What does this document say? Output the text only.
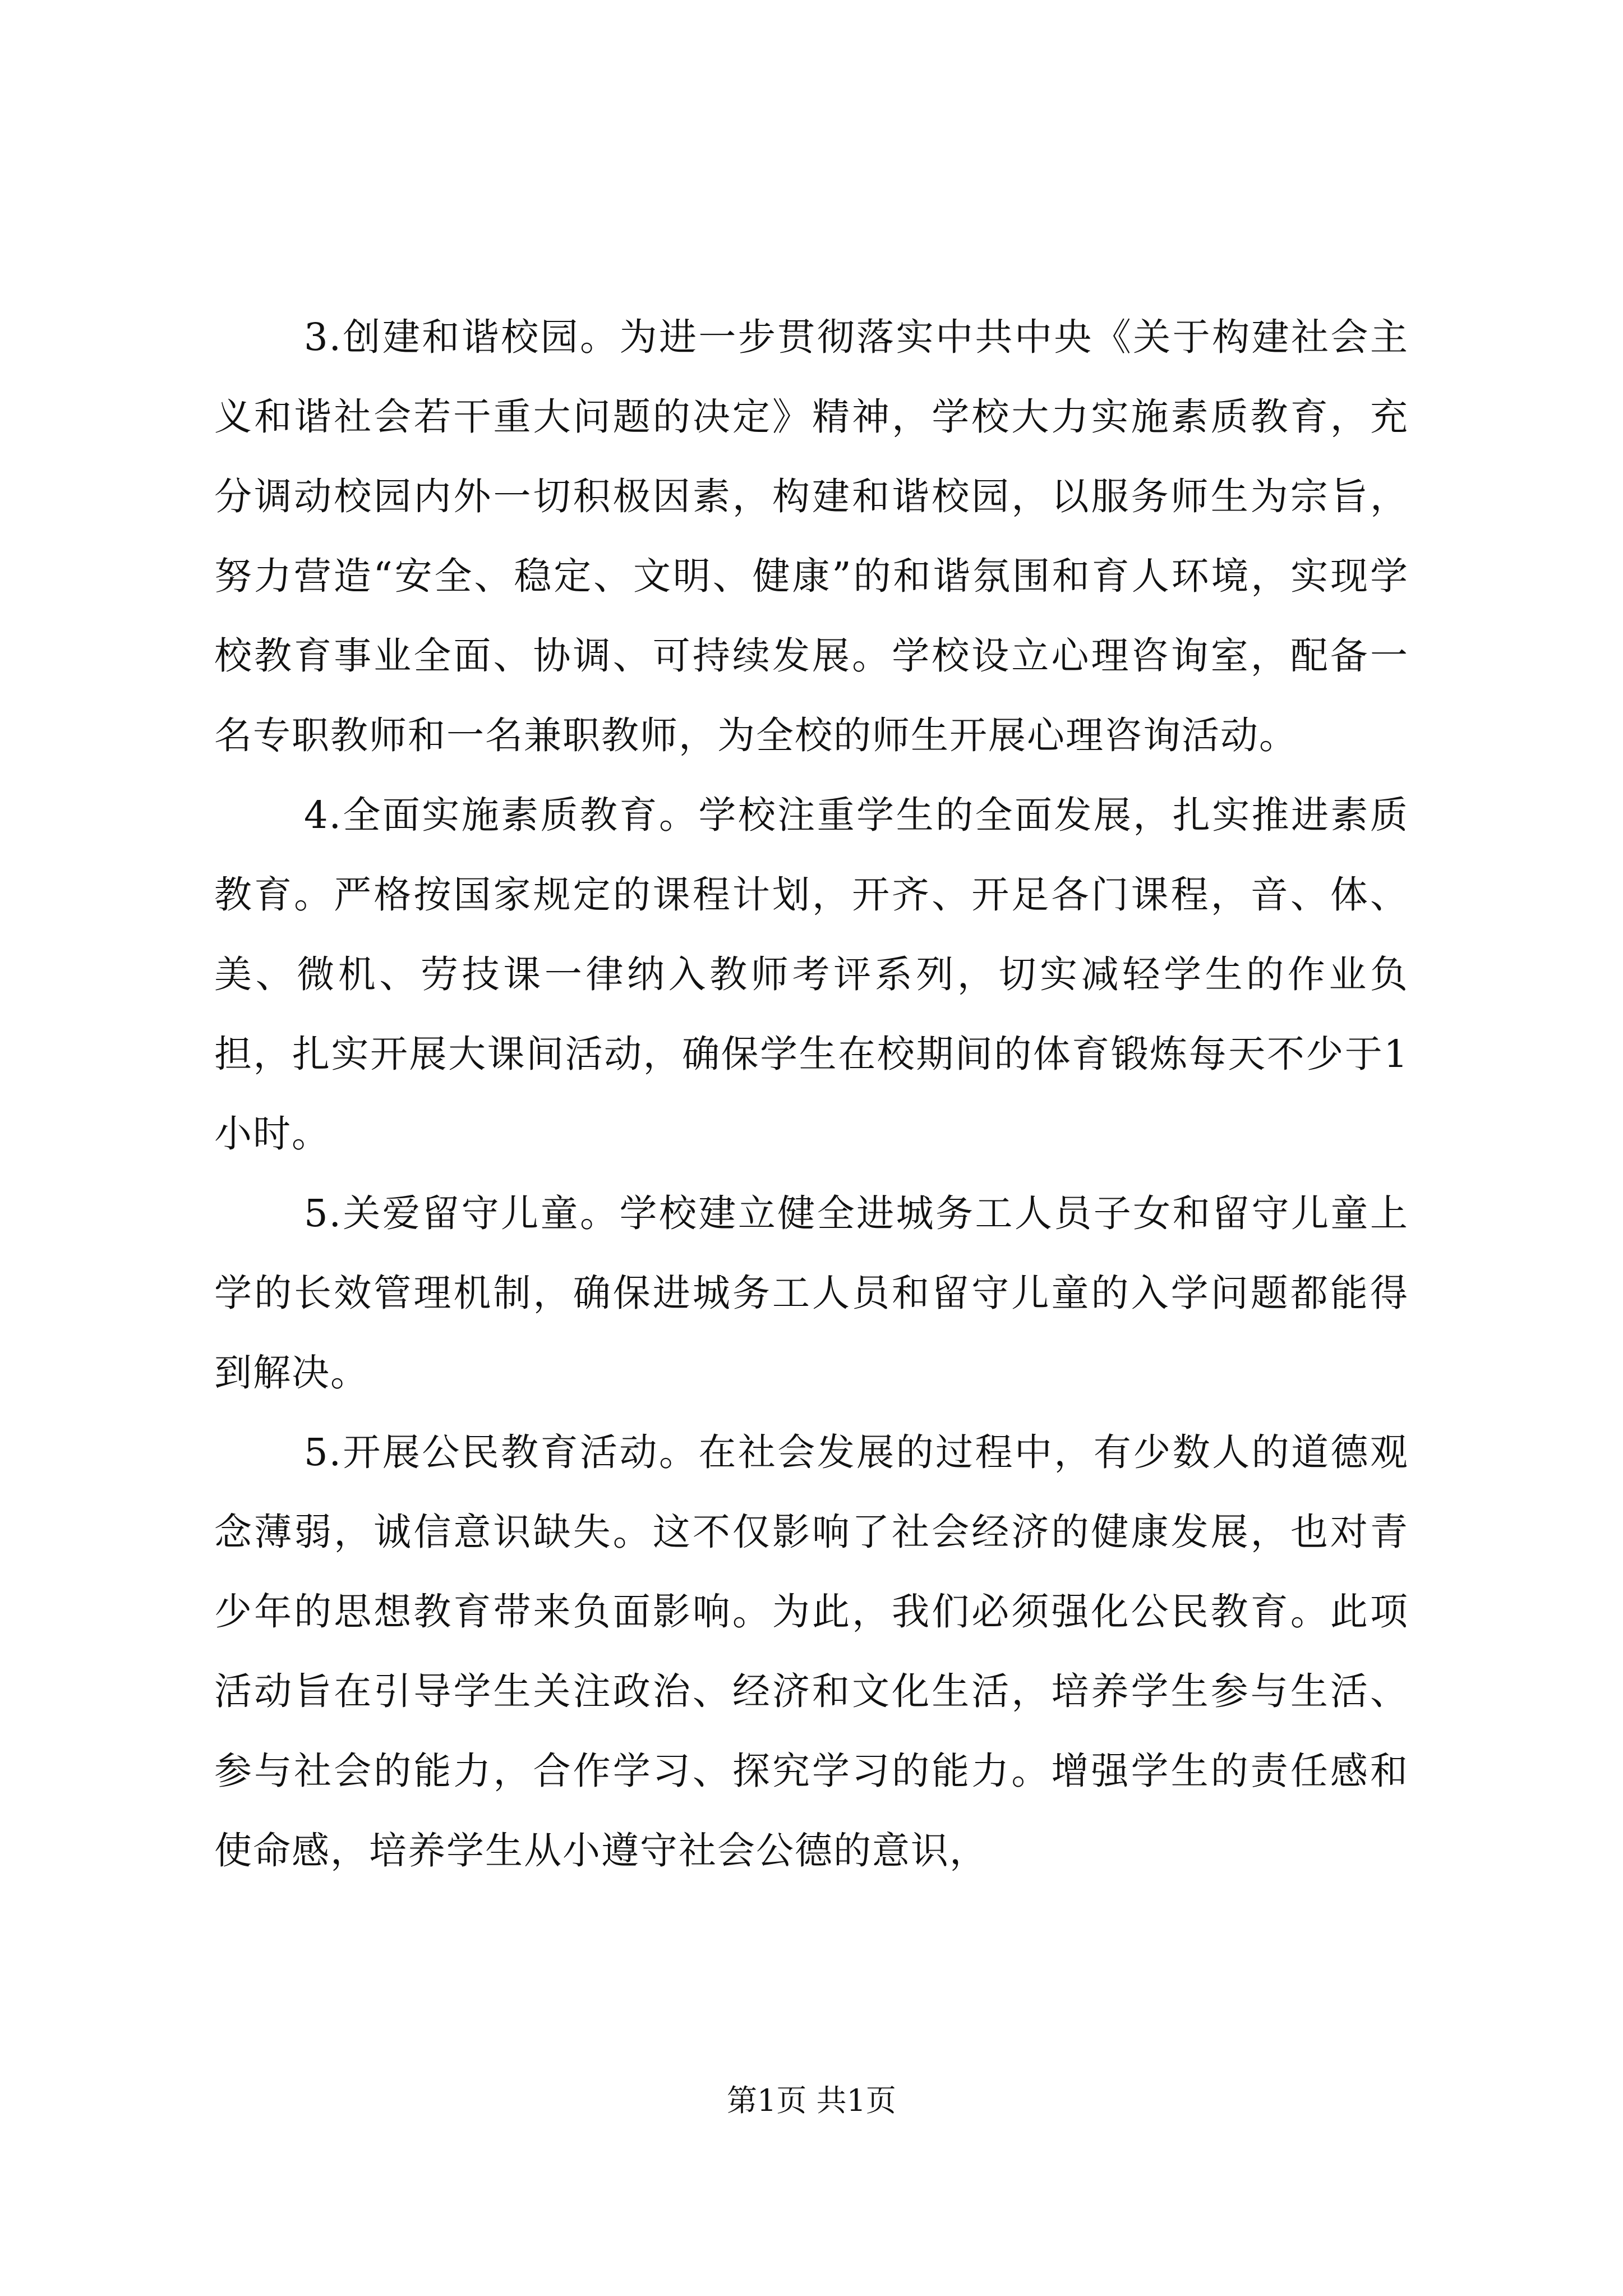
3.创建和谐校园。为进一步贯彻落实中共中央《关于构建社会主义和谐社会若干重大问题的决定》精神，学校大力实施素质教育，充分调动校园内外一切积极因素，构建和谐校园，以服务师生为宗旨，努力营造“安全、稳定、文明、健康”的和谐氛围和育人环境，实现学校教育事业全面、协调、可持续发展。学校设立心理咨询室，配备一名专职教师和一名兼职教师，为全校的师生开展心理咨询活动。

4.全面实施素质教育。学校注重学生的全面发展，扎实推进素质教育。严格按国家规定的课程计划，开齐、开足各门课程，音、体、美、微机、劳技课一律纳入教师考评系列，切实减轻学生的作业负担，扎实开展大课间活动，确保学生在校期间的体育锻炼每天不少于1小时。

5.关爱留守儿童。学校建立健全进城务工人员子女和留守儿童上学的长效管理机制，确保进城务工人员和留守儿童的入学问题都能得到解决。

5.开展公民教育活动。在社会发展的过程中，有少数人的道德观念薄弱，诚信意识缺失。这不仅影响了社会经济的健康发展，也对青少年的思想教育带来负面影响。为此，我们必须强化公民教育。此项活动旨在引导学生关注政治、经济和文化生活，培养学生参与生活、参与社会的能力，合作学习、探究学习的能力。增强学生的责任感和使命感，培养学生从小遵守社会公德的意识，

第1页 共1页
